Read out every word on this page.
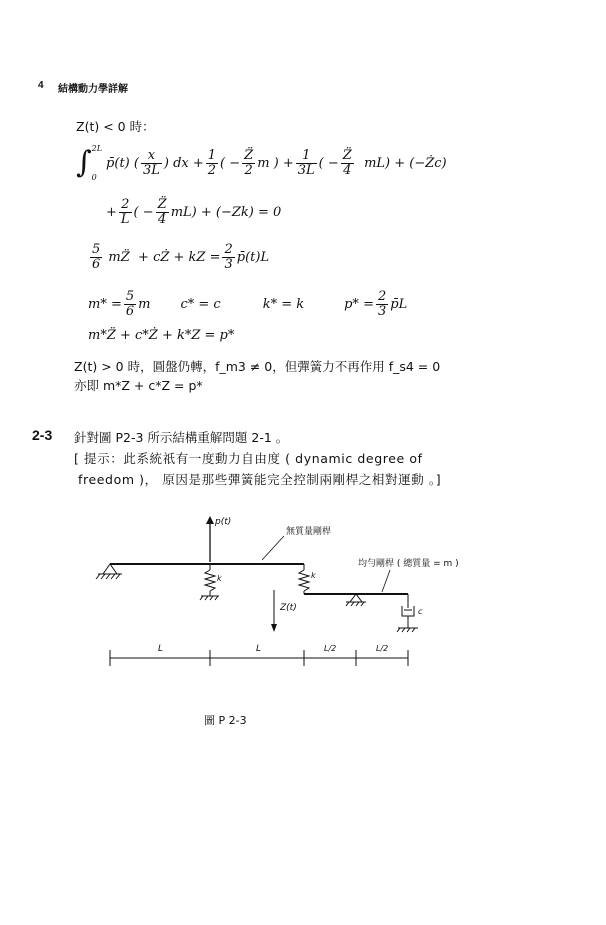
4 結構動力學詳解
Z(t) < 0 時：
∫ 2L
0
p̄(t) ( $\frac{x}{3L}$ ) dx + $\frac{1}{2}$ ( − $\frac{Z̈}{2}$ m ) + $\frac{1}{3L}$ ( − $\frac{Z̈}{4} mL$) + (−Żc)
+ $\frac{2}{L}$ ( − $\frac{Z̈}{4} mL) + (-Zk) = 0$
$\frac{5}{6}$ mZ̈  + cŻ + kZ = $\frac{2}{3}$ p̄(t)L
$m* = \frac{5}{6}$ m c* = c	k* = k	$p* = \frac{2}{3}$ p̄L
m*Z̈ + c*Ż + k*Z = p*
Z(t) > 0 時，圓盤仍轉，f_m3 ≠ 0，但彈簧力不再作用 f_s4 = 0
亦即 m*Z + c*Z = p*
2-3 針對圖 P2-3 所示結構重解問題 2-1 。
[ 提示：此系統祇有一度動力自由度 ( dynamic degree of
freedom )， 原因是那些彈簧能完全控制兩剛桿之相對運動 。]
p(t)
無質量剛桿
k	k
均勻剛桿 ( 總質量 = m )
Z(t)	c
L	L	L/2	L/2
圖 P 2-3
